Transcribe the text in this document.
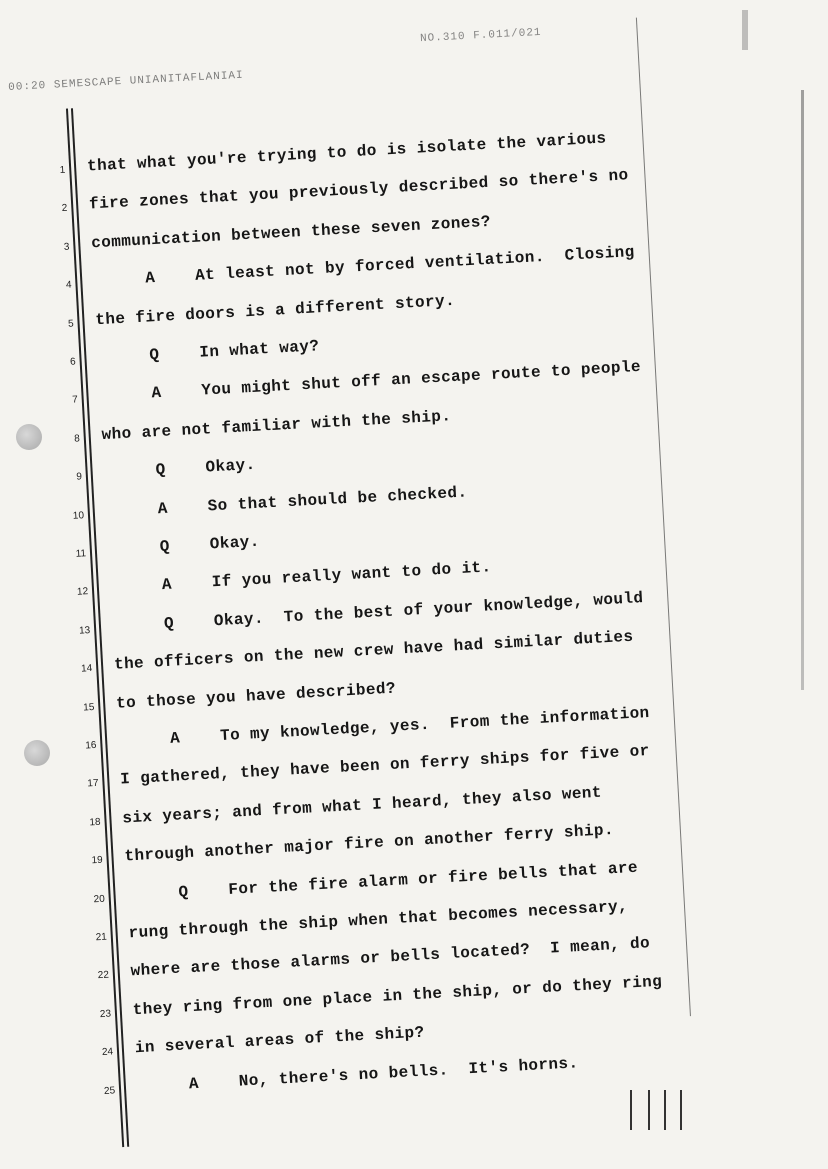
00:20 SEMESCAPE UNIANITAFLANIAI
NO.310 F.011/021
1 that what you're trying to do is isolate the various
2 fire zones that you previously described so there's no
3 communication between these seven zones?
4	A    At least not by forced ventilation.  Closing
5 the fire doors is a different story.
6	Q    In what way?
7	A    You might shut off an escape route to people
8 who are not familiar with the ship.
9	Q    Okay.
10	A    So that should be checked.
11	Q    Okay.
12	A    If you really want to do it.
13	Q    Okay.  To the best of your knowledge, would
14 the officers on the new crew have had similar duties
15 to those you have described?
16	A    To my knowledge, yes.  From the information
17 I gathered, they have been on ferry ships for five or
18 six years; and from what I heard, they also went
19 through another major fire on another ferry ship.
20	Q    For the fire alarm or fire bells that are
21 rung through the ship when that becomes necessary,
22 where are those alarms or bells located?  I mean, do
23 they ring from one place in the ship, or do they ring
24 in several areas of the ship?
25	A    No, there's no bells.  It's horns.
